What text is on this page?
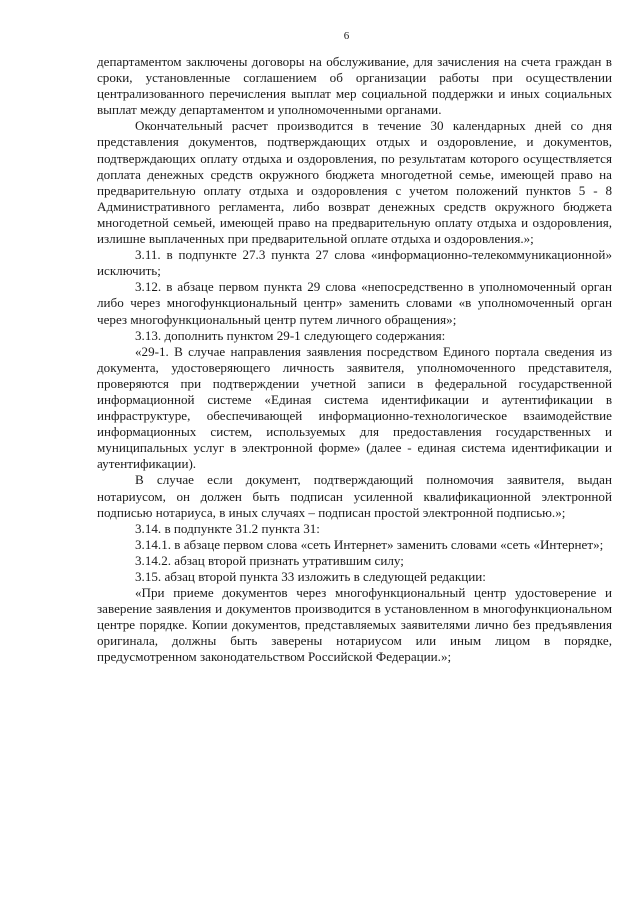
6

департаментом заключены договоры на обслуживание, для зачисления на счета граждан в сроки, установленные соглашением об организации работы при осуществлении централизованного перечисления выплат мер социальной поддержки и иных социальных выплат между департаментом и уполномоченными органами.

Окончательный расчет производится в течение 30 календарных дней со дня представления документов, подтверждающих отдых и оздоровление, и документов, подтверждающих оплату отдыха и оздоровления, по результатам которого осуществляется доплата денежных средств окружного бюджета многодетной семье, имеющей право на предварительную оплату отдыха и оздоровления с учетом положений пунктов 5 - 8 Административного регламента, либо возврат денежных средств окружного бюджета многодетной семьей, имеющей право на предварительную оплату отдыха и оздоровления, излишне выплаченных при предварительной оплате отдыха и оздоровления.»;

3.11. в подпункте 27.3 пункта 27 слова «информационно-телекоммуникационной» исключить;

3.12. в абзаце первом пункта 29 слова «непосредственно в уполномоченный орган либо через многофункциональный центр» заменить словами «в уполномоченный орган через многофункциональный центр путем личного обращения»;

3.13. дополнить пунктом 29-1 следующего содержания:

«29-1. В случае направления заявления посредством Единого портала сведения из документа, удостоверяющего личность заявителя, уполномоченного представителя, проверяются при подтверждении учетной записи в федеральной государственной информационной системе «Единая система идентификации и аутентификации в инфраструктуре, обеспечивающей информационно-технологическое взаимодействие информационных систем, используемых для предоставления государственных и муниципальных услуг в электронной форме» (далее - единая система идентификации и аутентификации).

В случае если документ, подтверждающий полномочия заявителя, выдан нотариусом, он должен быть подписан усиленной квалификационной электронной подписью нотариуса, в иных случаях – подписан простой электронной подписью.»;

3.14. в подпункте 31.2 пункта 31:

3.14.1. в абзаце первом слова «сеть Интернет» заменить словами «сеть «Интернет»;

3.14.2. абзац второй признать утратившим силу;

3.15. абзац второй пункта 33 изложить в следующей редакции:

«При приеме документов через многофункциональный центр удостоверение и заверение заявления и документов производится в установленном в многофункциональном центре порядке. Копии документов, представляемых заявителями лично без предъявления оригинала, должны быть заверены нотариусом или иным лицом в порядке, предусмотренном законодательством Российской Федерации.»;
